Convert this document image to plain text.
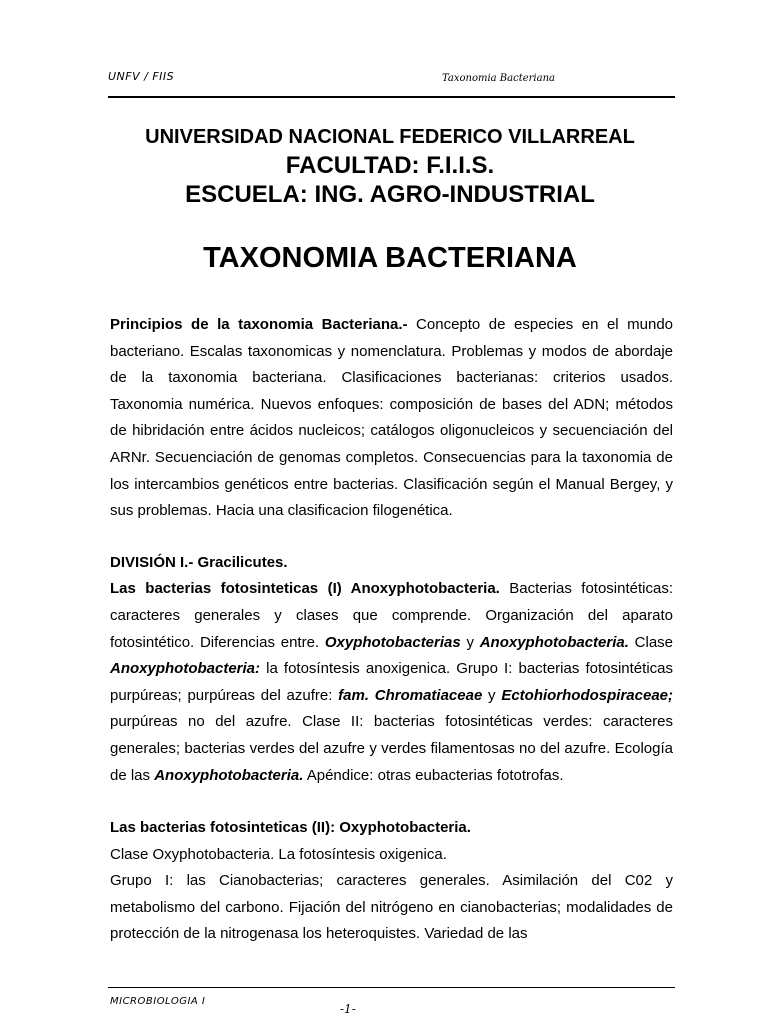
UNFV / FIIS	Taxonomia Bacteriana
UNIVERSIDAD NACIONAL FEDERICO VILLARREAL
FACULTAD: F.I.I.S.
ESCUELA: ING. AGRO-INDUSTRIAL
TAXONOMIA BACTERIANA

Principios de la taxonomia Bacteriana.- Concepto de especies en el mundo bacteriano. Escalas taxonomicas y nomenclatura. Problemas y modos de abordaje de la taxonomia bacteriana. Clasificaciones bacterianas: criterios usados. Taxonomia numérica. Nuevos enfoques: composición de bases del ADN; métodos de hibridación entre ácidos nucleicos; catálogos oligonucleicos y secuenciación del ARNr. Secuenciación de genomas completos. Consecuencias para la taxonomia de los intercambios genéticos entre bacterias. Clasificación según el Manual Bergey, y sus problemas. Hacia una clasificacion filogenética.

DIVISIÓN I.- Gracilicutes.

Las bacterias fotosinteticas (I) Anoxyphotobacteria. Bacterias fotosintéticas: caracteres generales y clases que comprende. Organización del aparato fotosintético. Diferencias entre. Oxyphotobacterias y Anoxyphotobacteria. Clase Anoxyphotobacteria: la fotosíntesis anoxigenica. Grupo I: bacterias fotosintéticas purpúreas; purpúreas del azufre: fam. Chromatiaceae y Ectohiorhodospiraceae; purpúreas no del azufre. Clase II: bacterias fotosintéticas verdes: caracteres generales; bacterias verdes del azufre y verdes filamentosas no del azufre. Ecología de las Anoxyphotobacteria. Apéndice: otras eubacterias fototrofas.

Las bacterias fotosinteticas (II): Oxyphotobacteria.

Clase Oxyphotobacteria. La fotosíntesis oxigenica.

Grupo I: las Cianobacterias; caracteres generales. Asimilación del C02 y metabolismo del carbono. Fijación del nitrógeno en cianobacterias; modalidades de protección de la nitrogenasa los heteroquistes. Variedad de las

MICROBIOLOGIA I
-1-
